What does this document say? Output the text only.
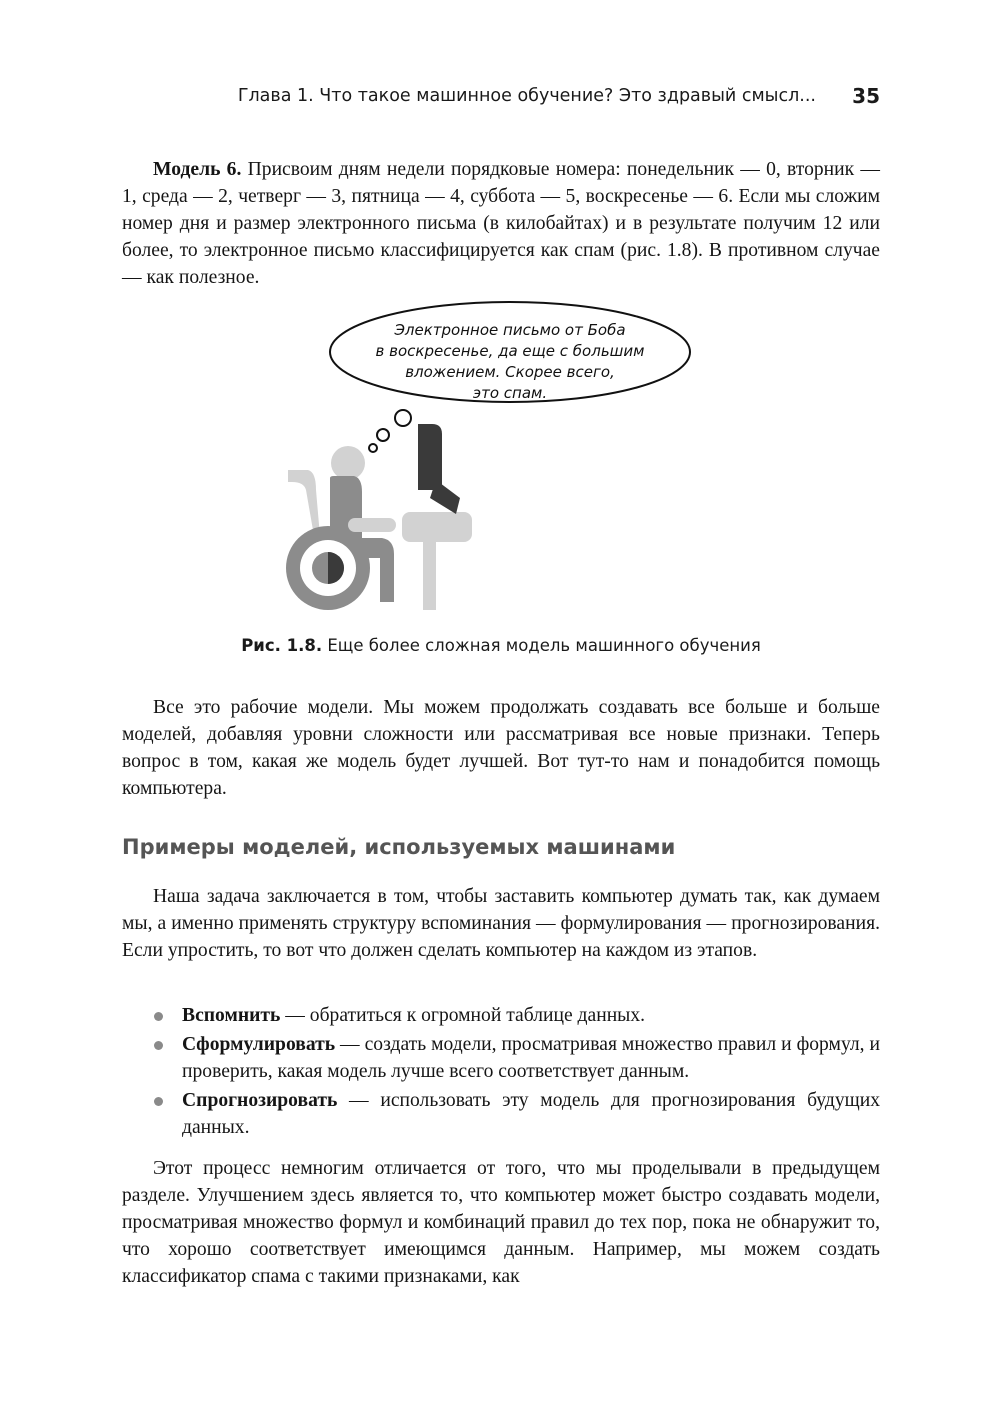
Глава 1. Что такое машинное обучение? Это здравый смысл... 35

Модель 6. Присвоим дням недели порядковые номера: понедельник — 0, вторник — 1, среда — 2, четверг — 3, пятница — 4, суббота — 5, воскресенье — 6. Если мы сложим номер дня и размер электронного письма (в килобайтах) и в результате получим 12 или более, то электронное письмо классифицируется как спам (рис. 1.8). В противном случае — как полезное.

Электронное письмо от Боба
в воскресенье, да еще с большим
вложением. Скорее всего,
это спам.
Рис. 1.8. Еще более сложная модель машинного обучения

Все это рабочие модели. Мы можем продолжать создавать все больше и больше моделей, добавляя уровни сложности или рассматривая все новые признаки. Теперь вопрос в том, какая же модель будет лучшей. Вот тут-то нам и понадобится помощь компьютера.

Примеры моделей, используемых машинами

Наша задача заключается в том, чтобы заставить компьютер думать так, как думаем мы, а именно применять структуру вспоминания — формулирования — прогнозирования. Если упростить, то вот что должен сделать компьютер на каждом из этапов.

Вспомнить — обратиться к огромной таблице данных.
Сформулировать — создать модели, просматривая множество правил и формул, и проверить, какая модель лучше всего соответствует данным.
Спрогнозировать — использовать эту модель для прогнозирования будущих данных.

Этот процесс немногим отличается от того, что мы проделывали в предыдущем разделе. Улучшением здесь является то, что компьютер может быстро создавать модели, просматривая множество формул и комбинаций правил до тех пор, пока не обнаружит то, что хорошо соответствует имеющимся данным. Например, мы можем создать классификатор спама с такими признаками, как
